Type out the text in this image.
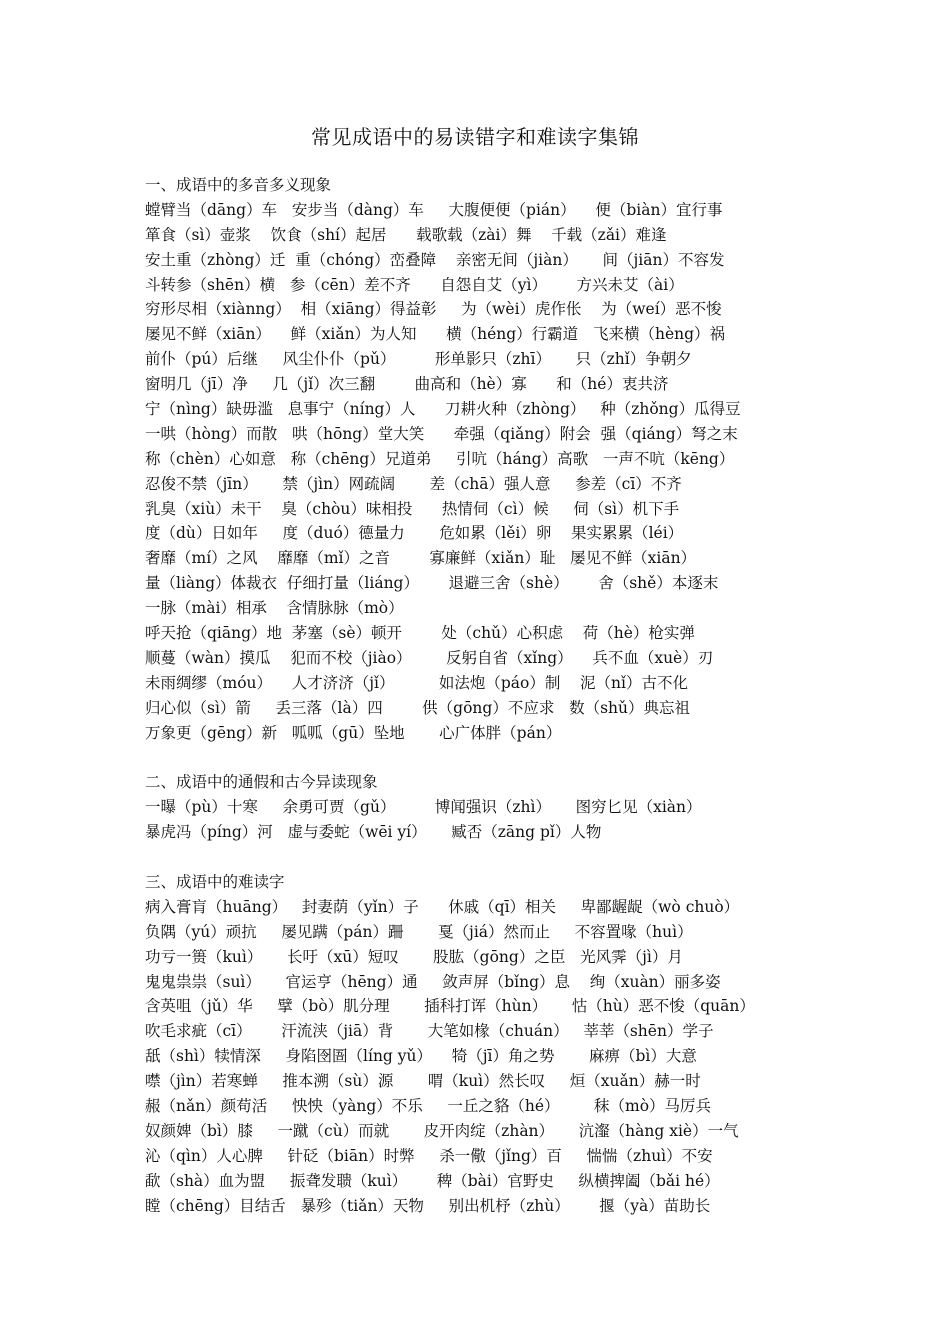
常见成语中的易读错字和难读字集锦
一、成语中的多音多义现象
螳臂当（dāng）车   安步当（dàng）车     大腹便便（pián）    便（biàn）宜行事
箪食（sì）壶浆    饮食（shí）起居      载歌载（zài）舞    千载（zǎi）难逢
安土重（zhòng）迁  重（chóng）峦叠障    亲密无间（jiàn）     间（jiān）不容发
斗转参（shēn）横   参（cēn）差不齐      自怨自艾（yì）      方兴未艾（ài）
穷形尽相（xiànng）  相（xiāng）得益彰     为（wèi）虎作伥    为（weí）恶不悛
屡见不鲜（xiān）    鲜（xiǎn）为人知      横（héng）行霸道   飞来横（hèng）祸
前仆（pú）后继     风尘仆仆（pǔ）        形单影只（zhī）     只（zhǐ）争朝夕
窗明几（jī）净     几（jǐ）次三翻        曲高和（hè）寡      和（hé）衷共济
宁（nìng）缺毋滥   息事宁（níng）人      刀耕火种（zhòng）   种（zhǒng）瓜得豆
一哄（hòng）而散   哄（hōng）堂大笑      牵强（qiǎng）附会  强（qiáng）弩之末
称（chèn）心如意   称（chēng）兄道弟     引吭（háng）高歌   一声不吭（kēng）
忍俊不禁（jīn）     禁（jìn）网疏阔       差（chā）强人意     参差（cī）不齐
乳臭（xiù）未干    臭（chòu）味相投      热情伺（cì）候     伺（sì）机下手
度（dù）日如年     度（duó）德量力       危如累（lěi）卵    果实累累（léi）
奢靡（mí）之风    靡靡（mǐ）之音        寡廉鲜（xiǎn）耻   屡见不鲜（xiān）
量（liàng）体裁衣  仔细打量（liáng）      退避三舍（shè）      舍（shě）本逐末
一脉（mài）相承    含情脉脉（mò）
呼天抢（qiāng）地  茅塞（sè）顿开        处（chǔ）心积虑    荷（hè）枪实弹
顺蔓（wàn）摸瓜    犯而不校（jiào）       反躬自省（xǐng）    兵不血（xuè）刃
未雨绸缪（móu）    人才济济（jǐ）         如法炮（páo）制    泥（nǐ）古不化
归心似（sì）箭     丢三落（là）四        供（gōng）不应求   数（shǔ）典忘祖
万象更（gēng）新   呱呱（gū）坠地       心广体胖（pán）
二、成语中的通假和古今异读现象
一曝（pù）十寒     余勇可贾（gǔ）        博闻强识（zhì）     图穷匕见（xiàn）
暴虎冯（píng）河   虚与委蛇（wēi yí）     臧否（zāng pǐ）人物
三、成语中的难读字
病入膏肓（huāng）   封妻荫（yǐn）子      休戚（qī）相关     卑鄙龌龊（wò chuò）
负隅（yú）顽抗     屡见蹒（pán）跚       戛（jiá）然而止     不容置喙（huì）
功亏一篑（kuì）     长吁（xū）短叹       股肱（gōng）之臣   光风霁（jì）月
鬼鬼祟祟（suì）     官运亨（hēng）通     敛声屏（bǐng）息    绚（xuàn）丽多姿
含英咀（jǔ）华     擘（bò）肌分理       插科打诨（hùn）     怙（hù）恶不悛（quān）
吹毛求疵（cī）      汗流浃（jiā）背       大笔如椽（chuán）   莘莘（shēn）学子
舐（shì）犊情深     身陷囹圄（líng yǔ）    犄（jī）角之势       麻痹（bì）大意
噤（jìn）若寒蝉     推本溯（sù）源       喟（kuì）然长叹     烜（xuǎn）赫一时
赧（nǎn）颜苟活     怏怏（yàng）不乐     一丘之貉（hé）       秣（mò）马厉兵
奴颜婢（bì）膝     一蹴（cù）而就       皮开肉绽（zhàn）     沆瀣（hàng xiè）一气
沁（qìn）人心脾     针砭（biān）时弊     杀一儆（jǐng）百     惴惴（zhuì）不安
歃（shà）血为盟     振聋发聩（kuì）      稗（bài）官野史     纵横捭阖（bǎi hé）
瞠（chēng）目结舌   暴殄（tiǎn）天物     别出机杼（zhù）      揠（yà）苗助长
